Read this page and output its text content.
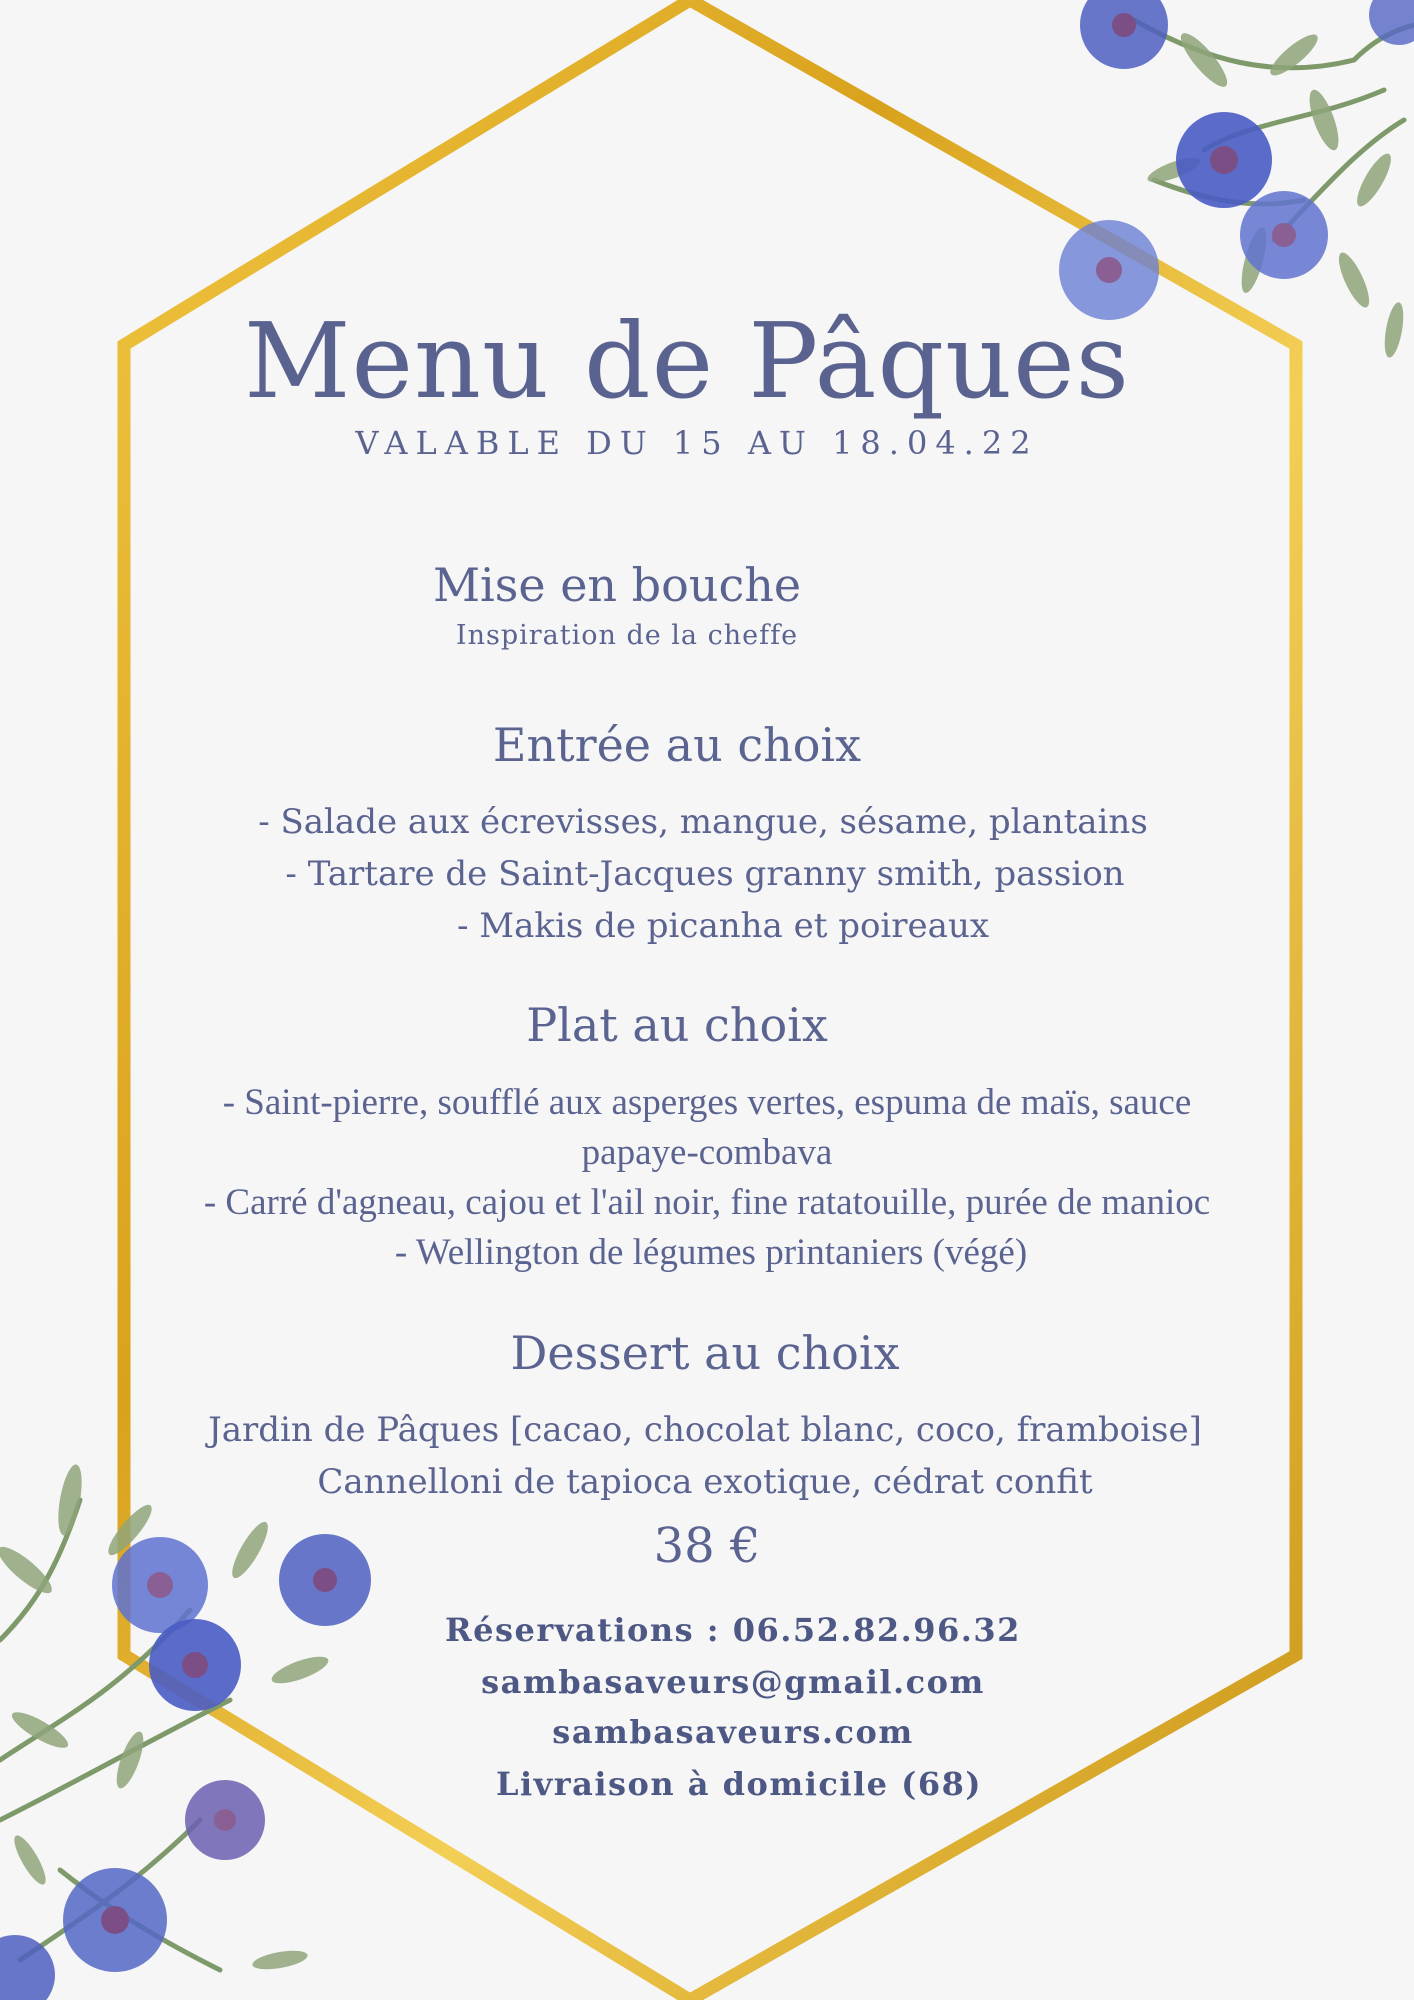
Menu de Pâques
VALABLE DU 15 AU 18.04.22
Mise en bouche
Inspiration de la cheffe
Entrée au choix
- Salade aux écrevisses, mangue, sésame, plantains
- Tartare de Saint-Jacques granny smith, passion
- Makis de picanha et poireaux
Plat au choix
- Saint-pierre, soufflé aux asperges vertes, espuma de maïs, sauce
papaye-combava
- Carré d'agneau, cajou et l'ail noir, fine ratatouille, purée de manioc
- Wellington de légumes printaniers (végé)
Dessert au choix
Jardin de Pâques [cacao, chocolat blanc, coco, framboise]
Cannelloni de tapioca exotique, cédrat confit
38 €
Réservations : 06.52.82.96.32
sambasaveurs@gmail.com
sambasaveurs.com
Livraison à domicile (68)
